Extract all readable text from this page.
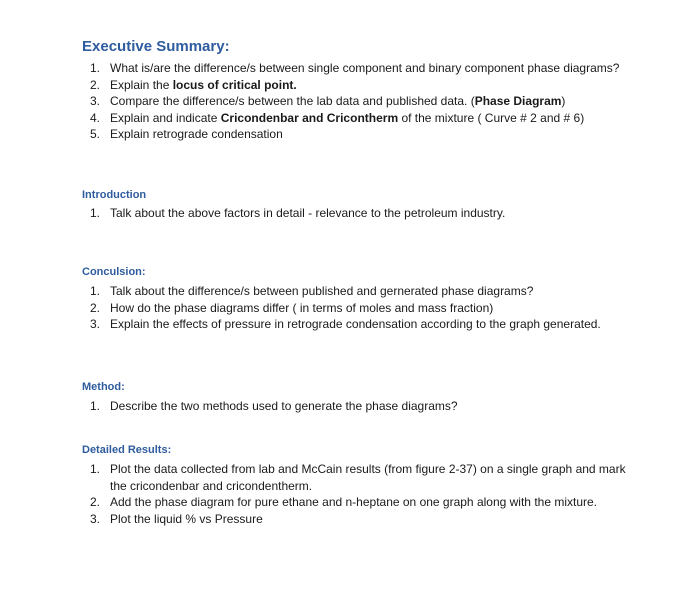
Executive Summary:
1. What is/are the difference/s between single component and binary component phase diagrams?
2. Explain the locus of critical point.
3. Compare the difference/s between the lab data and published data. (Phase Diagram)
4. Explain and indicate Cricondenbar and Cricontherm of the mixture ( Curve # 2 and # 6)
5. Explain retrograde condensation
Introduction
1. Talk about the above factors in detail - relevance to the petroleum industry.
Conculsion:
1. Talk about the difference/s between published and gernerated phase diagrams?
2. How do the phase diagrams differ ( in terms of moles and mass fraction)
3. Explain the effects of pressure in retrograde condensation according to the graph generated.
Method:
1. Describe the two methods used to generate the phase diagrams?
Detailed Results:
1. Plot the data collected from lab and McCain results (from figure 2-37) on a single graph and mark the cricondenbar and cricondentherm.
2. Add the phase diagram for pure ethane and n-heptane on one graph along with the mixture.
3. Plot the liquid % vs Pressure
